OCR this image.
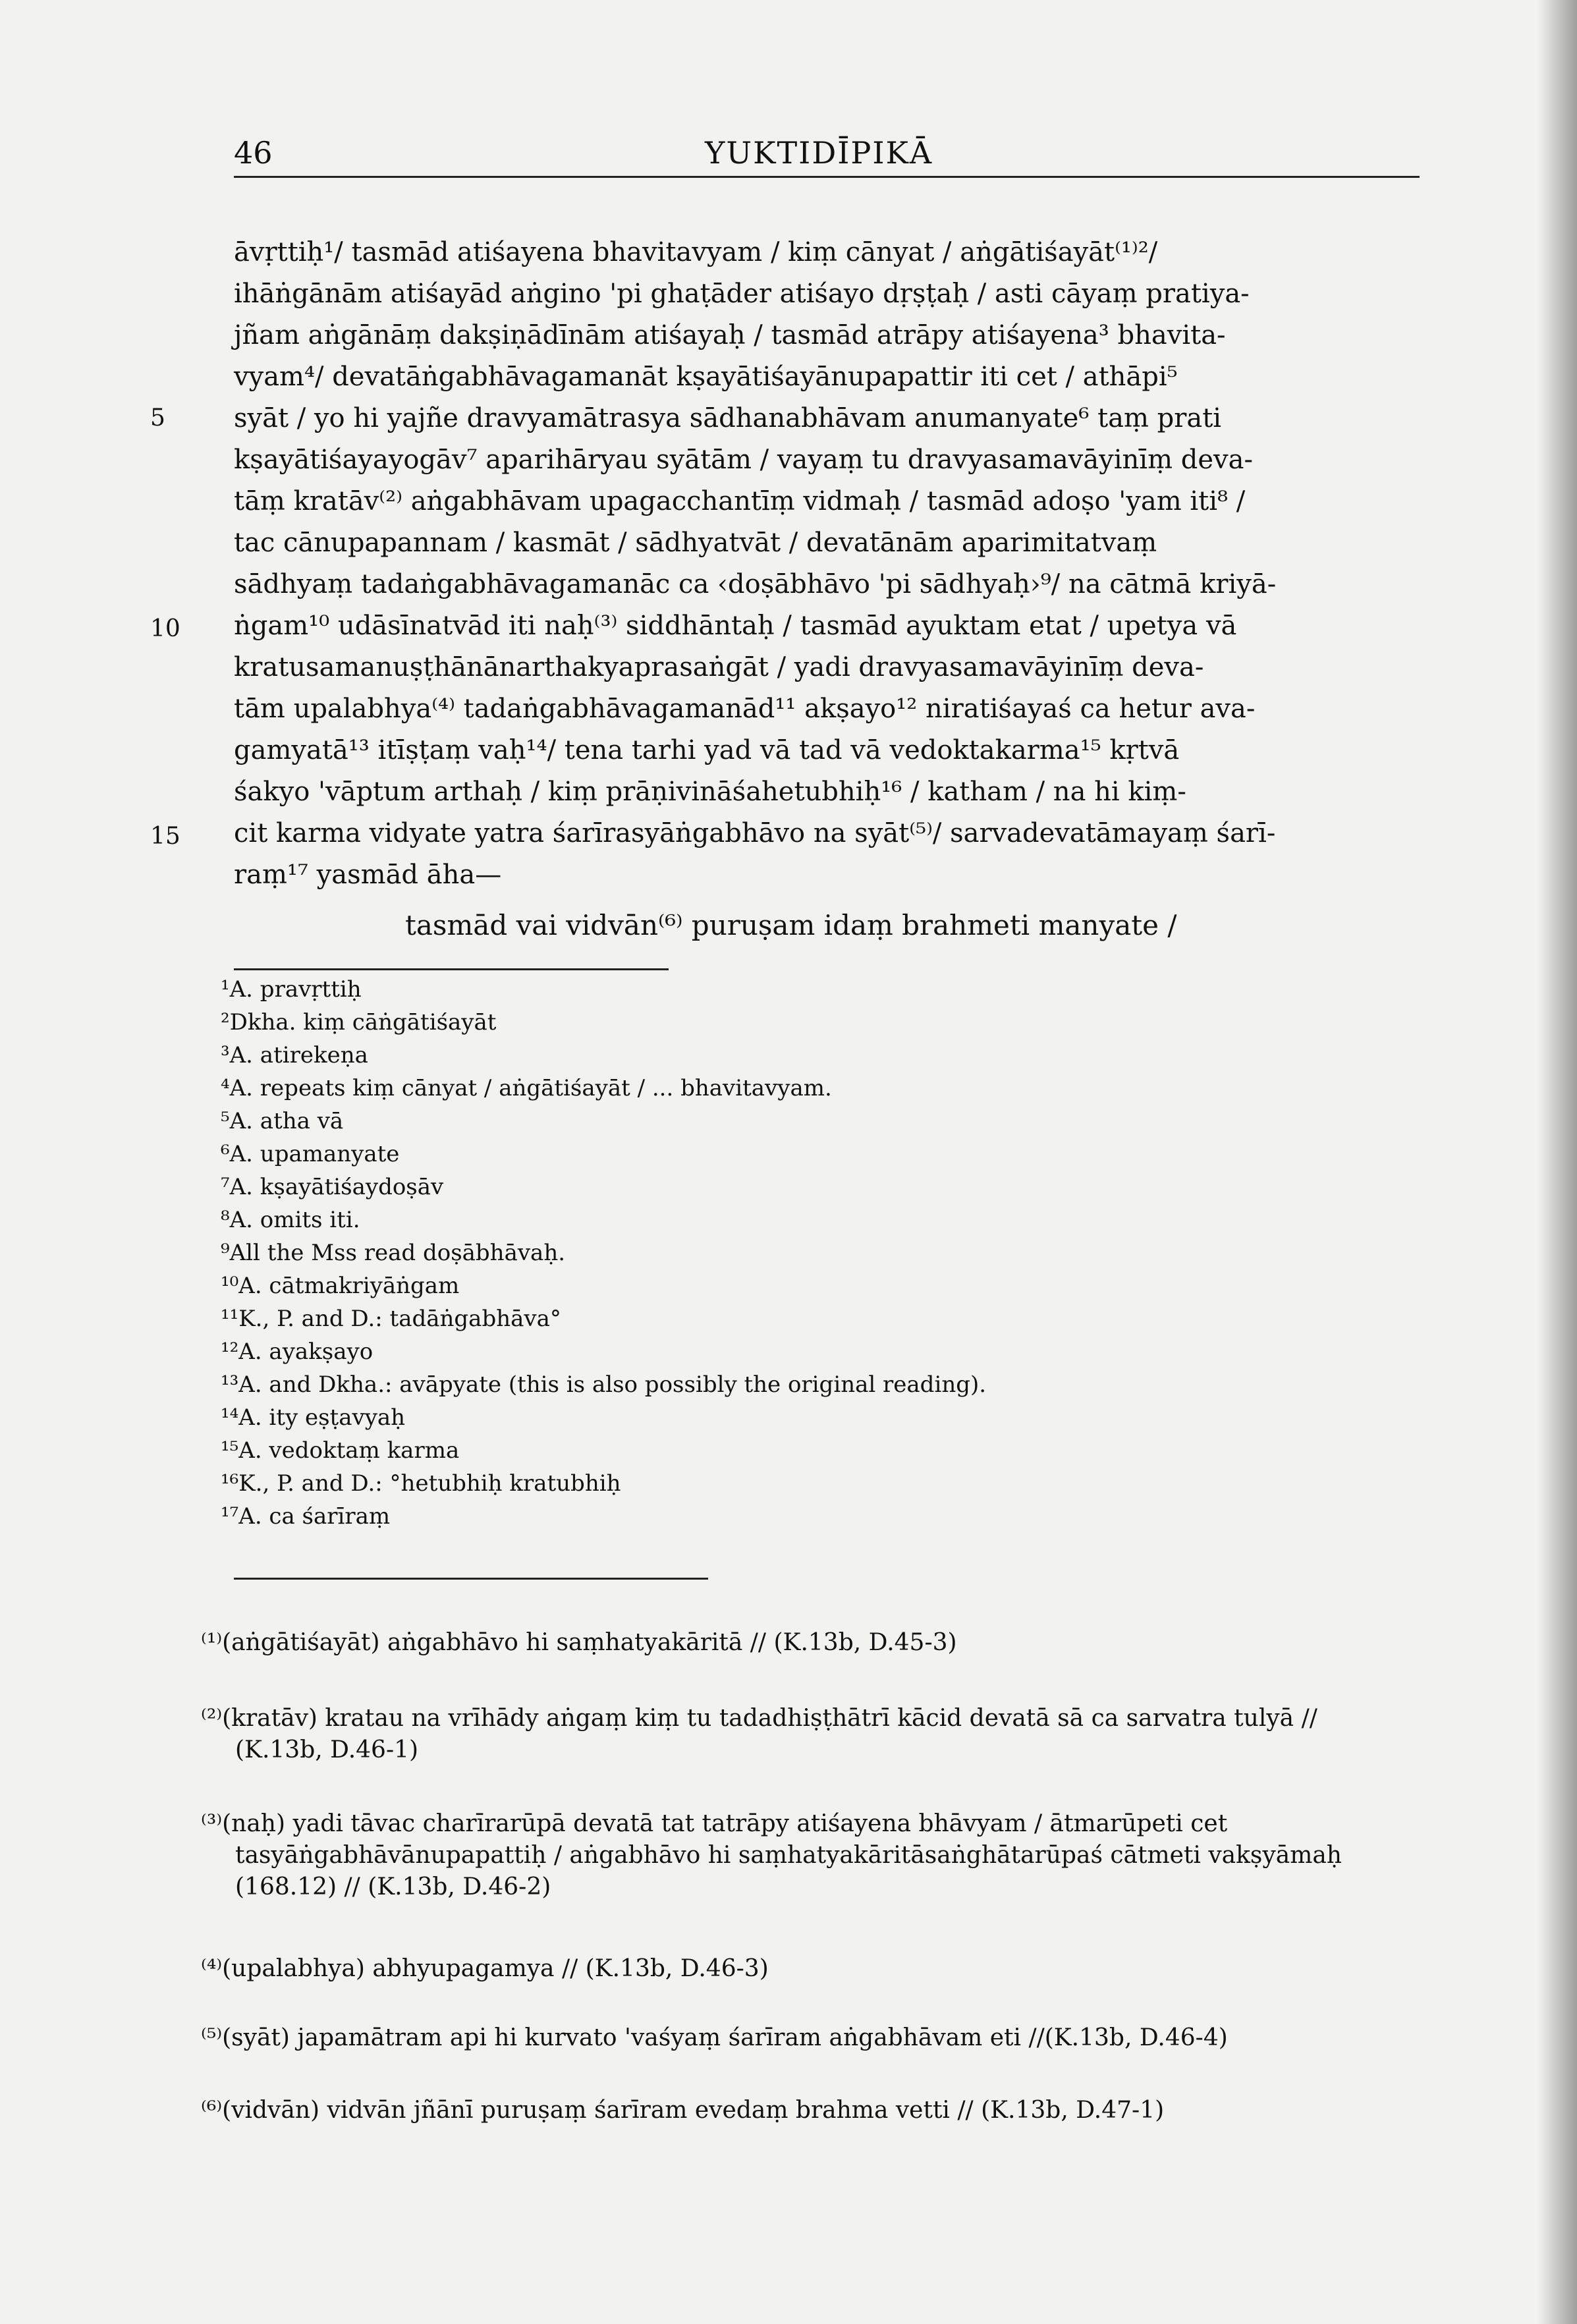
46	YUKTIDĪPIKĀ
5
10
15
āvṛttiḥ¹/ tasmād atiśayena bhavitavyam / kiṃ cānyat / aṅgātiśayāt⁽¹⁾²/
ihāṅgānām atiśayād aṅgino 'pi ghaṭāder atiśayo dṛṣṭaḥ / asti cāyaṃ pratiya-
jñam aṅgānāṃ dakṣiṇādīnām atiśayaḥ / tasmād atrāpy atiśayena³ bhavita-
vyam⁴/ devatāṅgabhāvagamanāt kṣayātiśayānupapattir iti cet / athāpi⁵
syāt / yo hi yajñe dravyamātrasya sādhanabhāvam anumanyate⁶ taṃ prati
kṣayātiśayayogāv⁷ aparihāryau syātām / vayaṃ tu dravyasamavāyinīṃ deva-
tāṃ kratāv⁽²⁾ aṅgabhāvam upagacchantīṃ vidmaḥ / tasmād adoṣo 'yam iti⁸ /
tac cānupapannam / kasmāt / sādhyatvāt / devatānām aparimitatvaṃ
sādhyaṃ tadaṅgabhāvagamanāc ca ‹doṣābhāvo 'pi sādhyaḥ›⁹/ na cātmā kriyā-
ṅgam¹⁰ udāsīnatvād iti naḥ⁽³⁾ siddhāntaḥ / tasmād ayuktam etat / upetya vā
kratusamanuṣṭhānānarthakyaprasaṅgāt / yadi dravyasamavāyinīṃ deva-
tām upalabhya⁽⁴⁾ tadaṅgabhāvagamanād¹¹ akṣayo¹² niratiśayaś ca hetur ava-
gamyatā¹³ itīṣṭaṃ vaḥ¹⁴/ tena tarhi yad vā tad vā vedoktakarma¹⁵ kṛtvā
śakyo 'vāptum arthaḥ / kiṃ prāṇivināśahetubhiḥ¹⁶ / katham / na hi kiṃ-
cit karma vidyate yatra śarīrasyāṅgabhāvo na syāt⁽⁵⁾/ sarvadevatāmayaṃ śarī-
raṃ¹⁷ yasmād āha—
tasmād vai vidvān⁽⁶⁾ puruṣam idaṃ brahmeti manyate /
¹A. pravṛttiḥ
²Dkha. kiṃ cāṅgātiśayāt
³A. atirekeṇa
⁴A. repeats kiṃ cānyat / aṅgātiśayāt / ... bhavitavyam.
⁵A. atha vā
⁶A. upamanyate
⁷A. kṣayātiśaydoṣāv
⁸A. omits iti.
⁹All the Mss read doṣābhāvaḥ.
¹⁰A. cātmakriyāṅgam
¹¹K., P. and D.: tadāṅgabhāva°
¹²A. ayakṣayo
¹³A. and Dkha.: avāpyate (this is also possibly the original reading).
¹⁴A. ity eṣṭavyaḥ
¹⁵A. vedoktaṃ karma
¹⁶K., P. and D.: °hetubhiḥ kratubhiḥ
¹⁷A. ca śarīraṃ
⁽¹⁾(aṅgātiśayāt) aṅgabhāvo hi saṃhatyakāritā // (K.13b, D.45-3)
⁽²⁾(kratāv) kratau na vrīhādy aṅgaṃ kiṃ tu tadadhiṣṭhātrī kācid devatā sā ca sarvatra tulyā //
(K.13b, D.46-1)
⁽³⁾(naḥ) yadi tāvac charīrarūpā devatā tat tatrāpy atiśayena bhāvyam / ātmarūpeti cet
tasyāṅgabhāvānupapattiḥ / aṅgabhāvo hi saṃhatyakāritāsaṅghātarūpaś cātmeti vakṣyāmaḥ
(168.12) // (K.13b, D.46-2)
⁽⁴⁾(upalabhya) abhyupagamya // (K.13b, D.46-3)
⁽⁵⁾(syāt) japamātram api hi kurvato 'vaśyaṃ śarīram aṅgabhāvam eti //(K.13b, D.46-4)
⁽⁶⁾(vidvān) vidvān jñānī puruṣaṃ śarīram evedaṃ brahma vetti // (K.13b, D.47-1)
